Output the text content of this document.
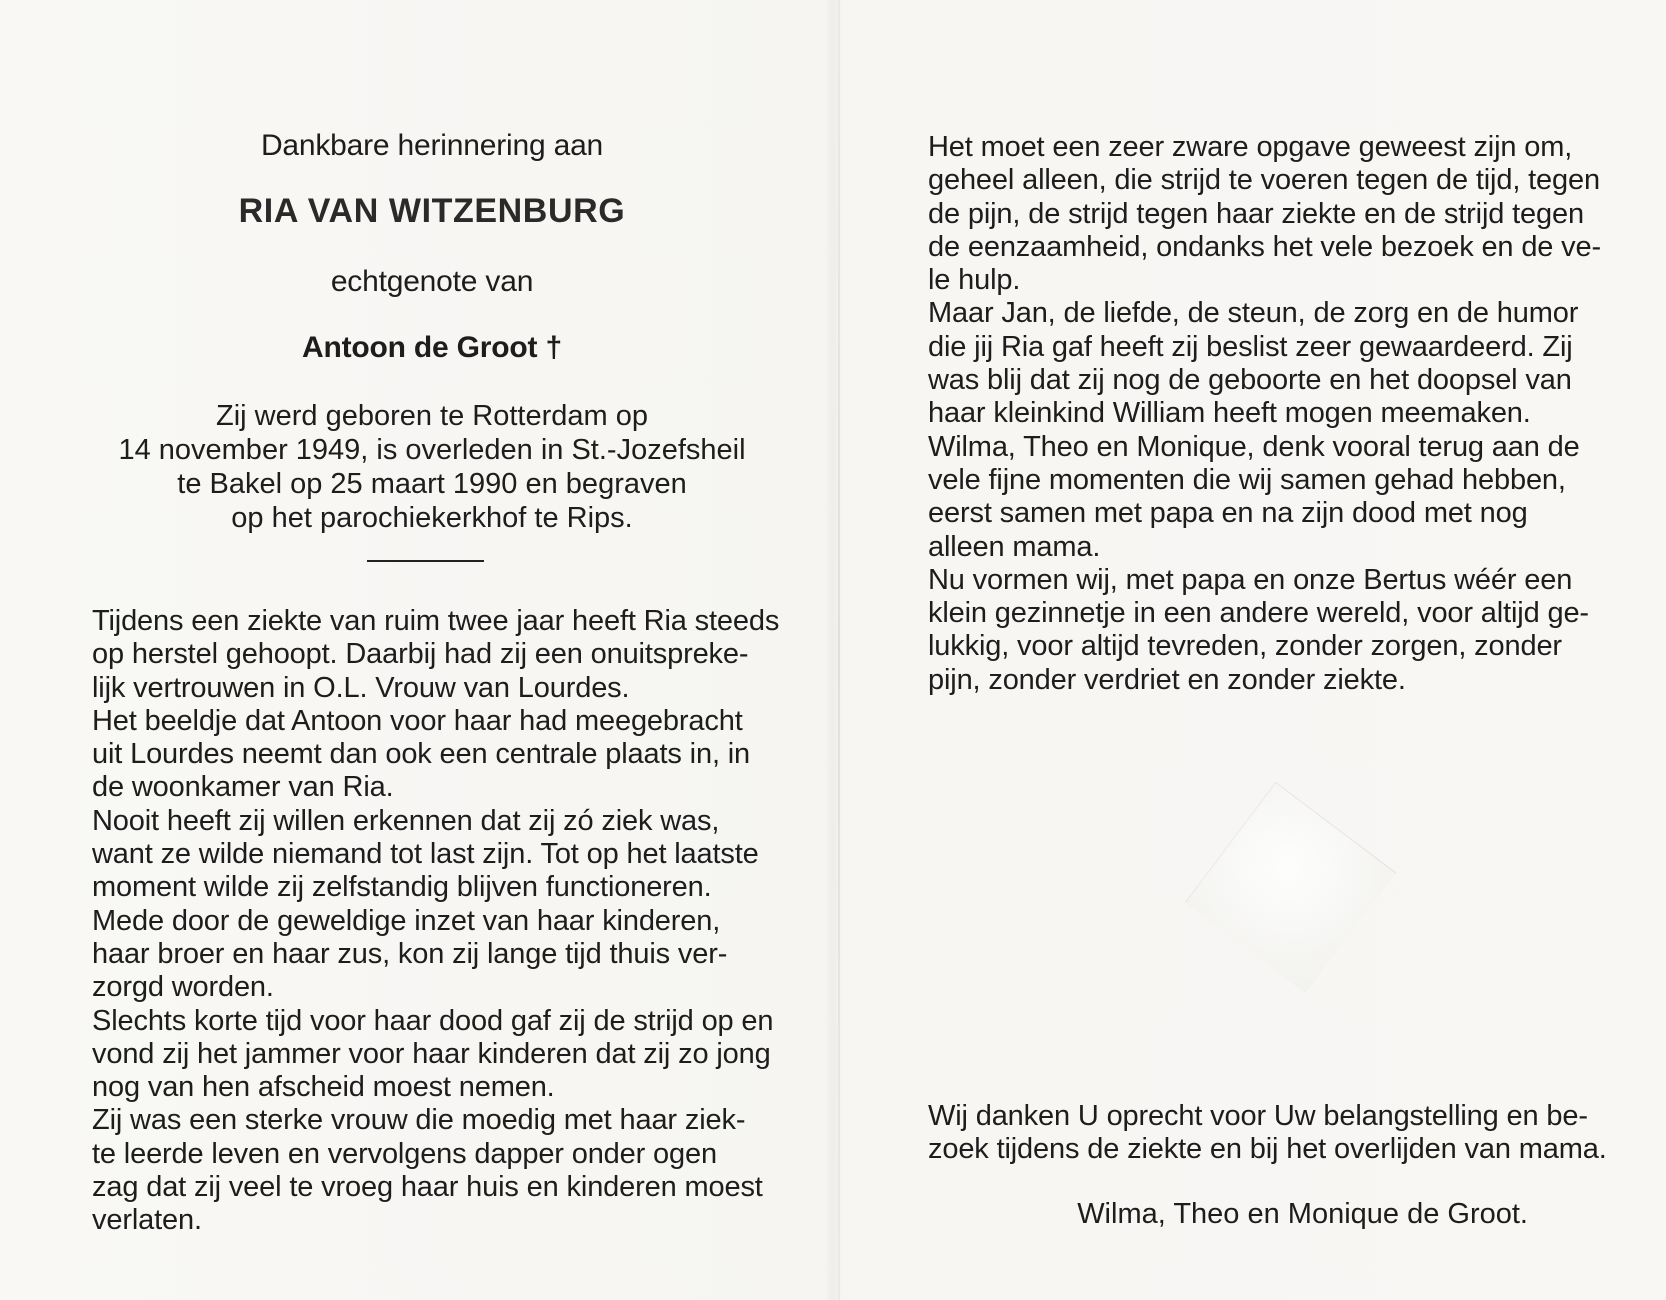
Dankbare herinnering aan
RIA VAN WITZENBURG
echtgenote van
Antoon de Groot †
Zij werd geboren te Rotterdam op
14 november 1949, is overleden in St.-Jozefsheil
te Bakel op 25 maart 1990 en begraven
op het parochiekerkhof te Rips.

Tijdens een ziekte van ruim twee jaar heeft Ria steeds

op herstel gehoopt. Daarbij had zij een onuitspreke-

lijk vertrouwen in O.L. Vrouw van Lourdes.

Het beeldje dat Antoon voor haar had meegebracht

uit Lourdes neemt dan ook een centrale plaats in, in

de woonkamer van Ria.

Nooit heeft zij willen erkennen dat zij zó ziek was,

want ze wilde niemand tot last zijn. Tot op het laatste

moment wilde zij zelfstandig blijven functioneren.

Mede door de geweldige inzet van haar kinderen,

haar broer en haar zus, kon zij lange tijd thuis ver-

zorgd worden.

Slechts korte tijd voor haar dood gaf zij de strijd op en

vond zij het jammer voor haar kinderen dat zij zo jong

nog van hen afscheid moest nemen.

Zij was een sterke vrouw die moedig met haar ziek-

te leerde leven en vervolgens dapper onder ogen

zag dat zij veel te vroeg haar huis en kinderen moest

verlaten.

Het moet een zeer zware opgave geweest zijn om,

geheel alleen, die strijd te voeren tegen de tijd, tegen

de pijn, de strijd tegen haar ziekte en de strijd tegen

de eenzaamheid, ondanks het vele bezoek en de ve-

le hulp.

Maar Jan, de liefde, de steun, de zorg en de humor

die jij Ria gaf heeft zij beslist zeer gewaardeerd. Zij

was blij dat zij nog de geboorte en het doopsel van

haar kleinkind William heeft mogen meemaken.

Wilma, Theo en Monique, denk vooral terug aan de

vele fijne momenten die wij samen gehad hebben,

eerst samen met papa en na zijn dood met nog

alleen mama.

Nu vormen wij, met papa en onze Bertus wéér een

klein gezinnetje in een andere wereld, voor altijd ge-

lukkig, voor altijd tevreden, zonder zorgen, zonder

pijn, zonder verdriet en zonder ziekte.

Wij danken U oprecht voor Uw belangstelling en be-

zoek tijdens de ziekte en bij het overlijden van mama.

Wilma, Theo en Monique de Groot.
